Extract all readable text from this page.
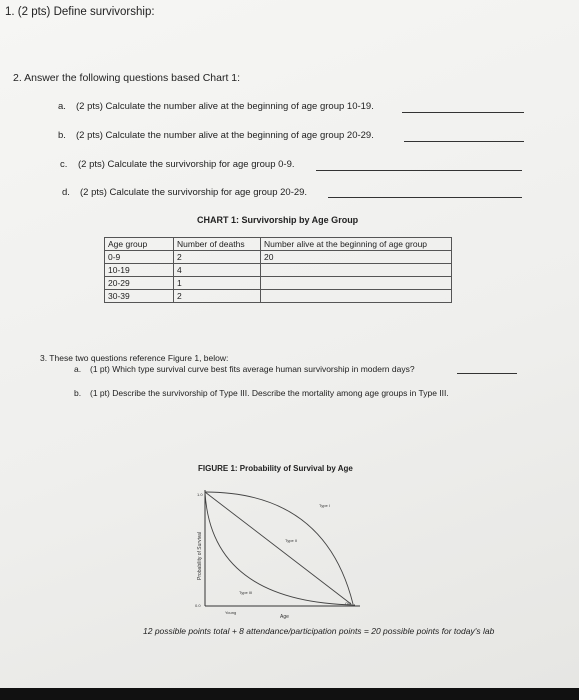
1. (2 pts) Define survivorship:
2. Answer the following questions based Chart 1:
a. (2 pts) Calculate the number alive at the beginning of age group 10-19.
b. (2 pts) Calculate the number alive at the beginning of age group 20-29.
c. (2 pts) Calculate the survivorship for age group 0-9.
d. (2 pts) Calculate the survivorship for age group 20-29.
CHART 1: Survivorship by Age Group
Age group	Number of deaths	Number alive at the beginning of age group
0-9	2	20
10-19	4	
20-29	1	
30-39	2	
3. These two questions reference Figure 1, below:
a. (1 pt) Which type survival curve best fits average human survivorship in modern days?
b. (1 pt) Describe the survivorship of Type III. Describe the mortality among age groups in Type III.
FIGURE 1: Probability of Survival by Age
1.0
0.0
Probability of Survival
Young
Old
Age
Type I
Type II
Type III
12 possible points total + 8 attendance/participation points = 20 possible points for today's lab
